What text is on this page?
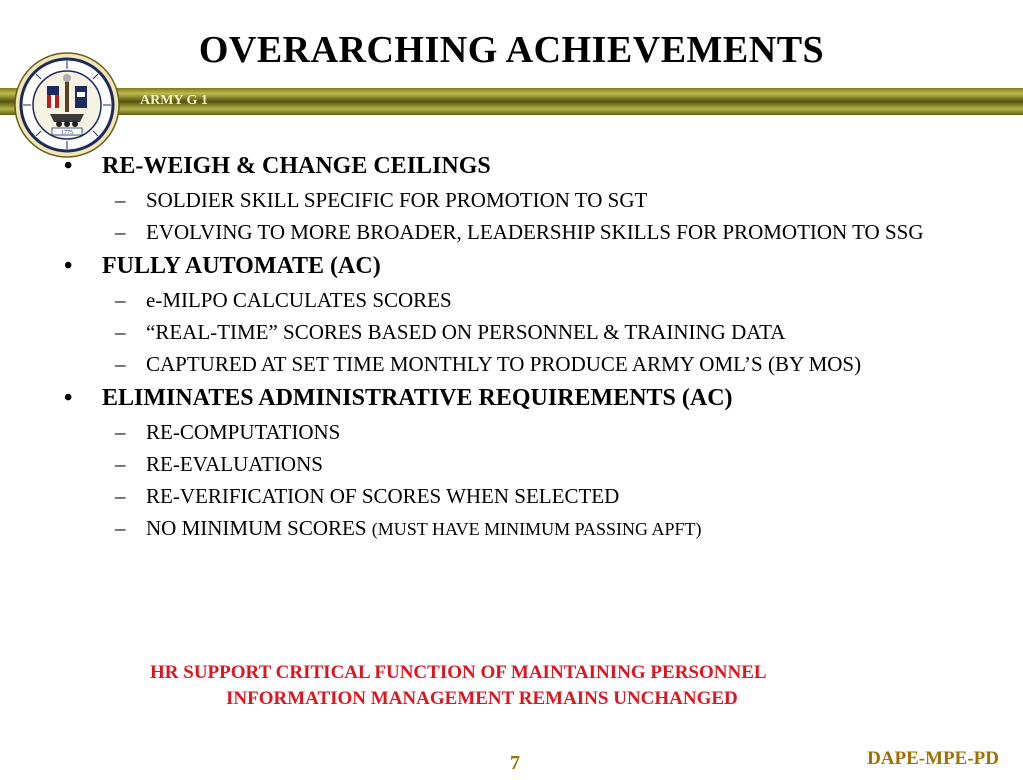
OVERARCHING ACHIEVEMENTS
ARMY G 1
1775
• RE-WEIGH & CHANGE CEILINGS
– SOLDIER SKILL SPECIFIC FOR PROMOTION TO SGT
– EVOLVING TO MORE BROADER, LEADERSHIP SKILLS FOR PROMOTION TO SSG
• FULLY AUTOMATE (AC)
– e-MILPO CALCULATES SCORES
– “REAL-TIME” SCORES BASED ON PERSONNEL & TRAINING DATA
– CAPTURED AT SET TIME MONTHLY TO PRODUCE ARMY OML’S (BY MOS)
• ELIMINATES ADMINISTRATIVE REQUIREMENTS (AC)
– RE-COMPUTATIONS
– RE-EVALUATIONS
– RE-VERIFICATION OF SCORES WHEN SELECTED
– NO MINIMUM SCORES (MUST HAVE MINIMUM PASSING APFT)
HR SUPPORT CRITICAL FUNCTION OF MAINTAINING PERSONNEL
INFORMATION MANAGEMENT REMAINS UNCHANGED
7	DAPE-MPE-PD
